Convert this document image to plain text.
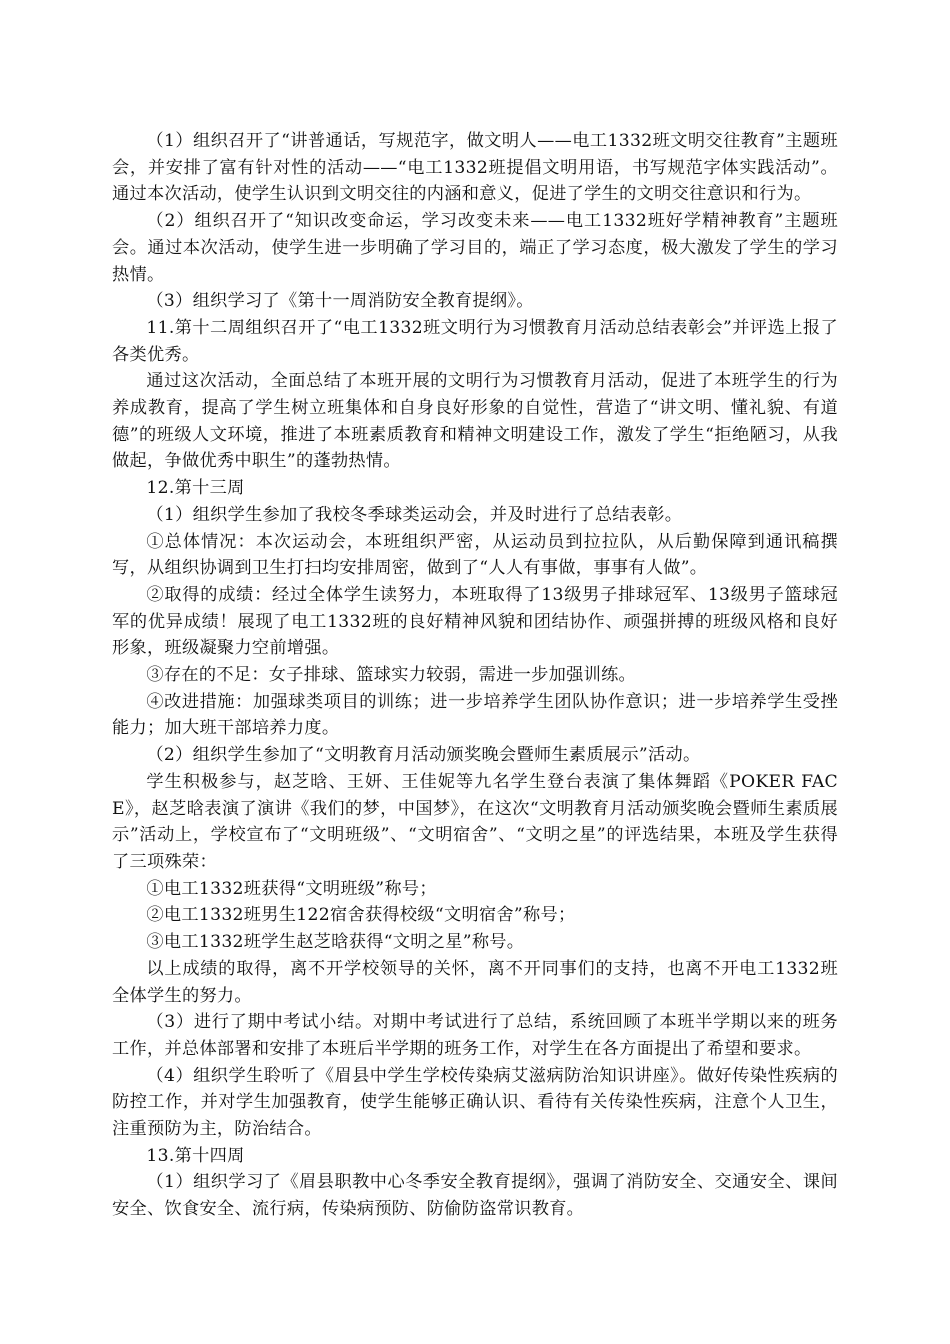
（1）组织召开了“讲普通话，写规范字，做文明人——电工1332班文明交往教育”主题班会，并安排了富有针对性的活动——“电工1332班提倡文明用语，书写规范字体实践活动”。通过本次活动，使学生认识到文明交往的内涵和意义，促进了学生的文明交往意识和行为。

（2）组织召开了“知识改变命运，学习改变未来——电工1332班好学精神教育”主题班会。通过本次活动，使学生进一步明确了学习目的，端正了学习态度，极大激发了学生的学习热情。

（3）组织学习了《第十一周消防安全教育提纲》。

11.第十二周组织召开了“电工1332班文明行为习惯教育月活动总结表彰会”并评选上报了各类优秀。

通过这次活动，全面总结了本班开展的文明行为习惯教育月活动，促进了本班学生的行为养成教育，提高了学生树立班集体和自身良好形象的自觉性，营造了“讲文明、懂礼貌、有道德”的班级人文环境，推进了本班素质教育和精神文明建设工作，激发了学生“拒绝陋习，从我做起，争做优秀中职生”的蓬勃热情。

12.第十三周

（1）组织学生参加了我校冬季球类运动会，并及时进行了总结表彰。

①总体情况：本次运动会，本班组织严密，从运动员到拉拉队，从后勤保障到通讯稿撰写，从组织协调到卫生打扫均安排周密，做到了“人人有事做，事事有人做”。

②取得的成绩：经过全体学生读努力，本班取得了13级男子排球冠军、13级男子篮球冠军的优异成绩！展现了电工1332班的良好精神风貌和团结协作、顽强拼搏的班级风格和良好形象，班级凝聚力空前增强。

③存在的不足：女子排球、篮球实力较弱，需进一步加强训练。

④改进措施：加强球类项目的训练；进一步培养学生团队协作意识；进一步培养学生受挫能力；加大班干部培养力度。

（2）组织学生参加了“文明教育月活动颁奖晚会暨师生素质展示”活动。

学生积极参与，赵芝晗、王妍、王佳妮等九名学生登台表演了集体舞蹈《POKER FACE》，赵芝晗表演了演讲《我们的梦，中国梦》，在这次“文明教育月活动颁奖晚会暨师生素质展示”活动上，学校宣布了“文明班级”、“文明宿舍”、“文明之星”的评选结果，本班及学生获得了三项殊荣：

①电工1332班获得“文明班级”称号；

②电工1332班男生122宿舍获得校级“文明宿舍”称号；

③电工1332班学生赵芝晗获得“文明之星”称号。

以上成绩的取得，离不开学校领导的关怀，离不开同事们的支持，也离不开电工1332班全体学生的努力。

（3）进行了期中考试小结。对期中考试进行了总结，系统回顾了本班半学期以来的班务工作，并总体部署和安排了本班后半学期的班务工作，对学生在各方面提出了希望和要求。

（4）组织学生聆听了《眉县中学生学校传染病艾滋病防治知识讲座》。做好传染性疾病的防控工作，并对学生加强教育，使学生能够正确认识、看待有关传染性疾病，注意个人卫生，注重预防为主，防治结合。

13.第十四周

（1）组织学习了《眉县职教中心冬季安全教育提纲》，强调了消防安全、交通安全、课间安全、饮食安全、流行病，传染病预防、防偷防盗常识教育。
